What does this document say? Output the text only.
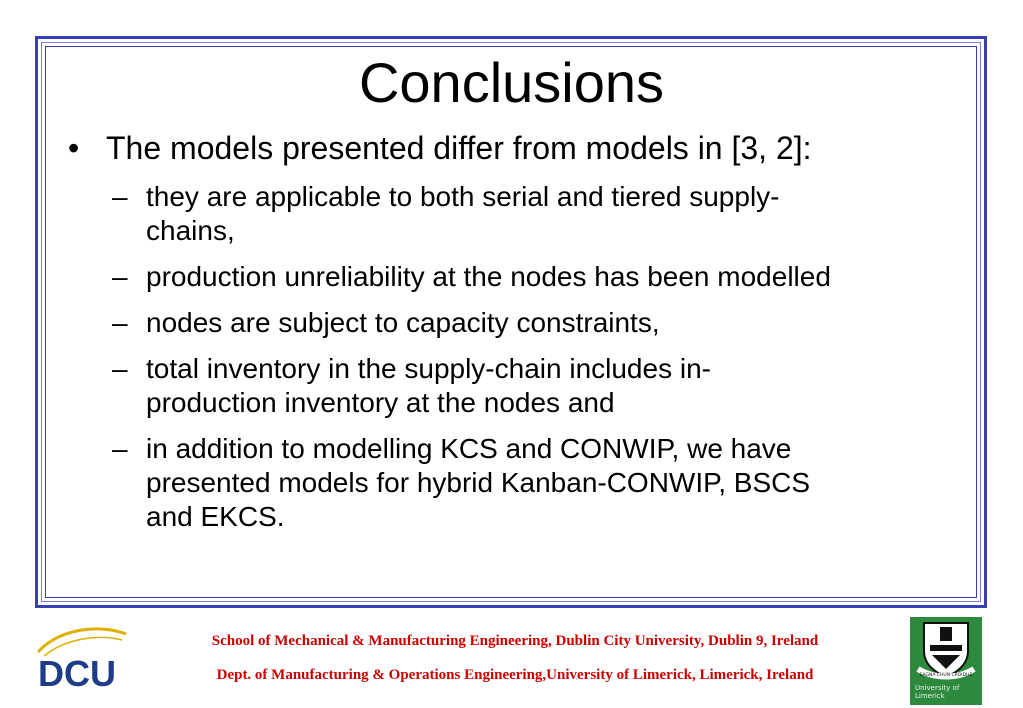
Conclusions
• The models presented differ from models in [3, 2]:
– they are applicable to both serial and tiered supply-
chains,
– production unreliability at the nodes has been modelled
– nodes are subject to capacity constraints,
– total inventory in the supply-chain includes in-
production inventory at the nodes and
– in addition to modelling KCS and CONWIP, we have
presented models for hybrid Kanban-CONWIP, BSCS
and EKCS.
DCU
School of Mechanical & Manufacturing Engineering, Dublin City University, Dublin 9, Ireland
Dept. of Manufacturing & Operations Engineering,University of Limerick, Limerick, Ireland	EAGNA CHUN CROIDHE
University of
Limerick
